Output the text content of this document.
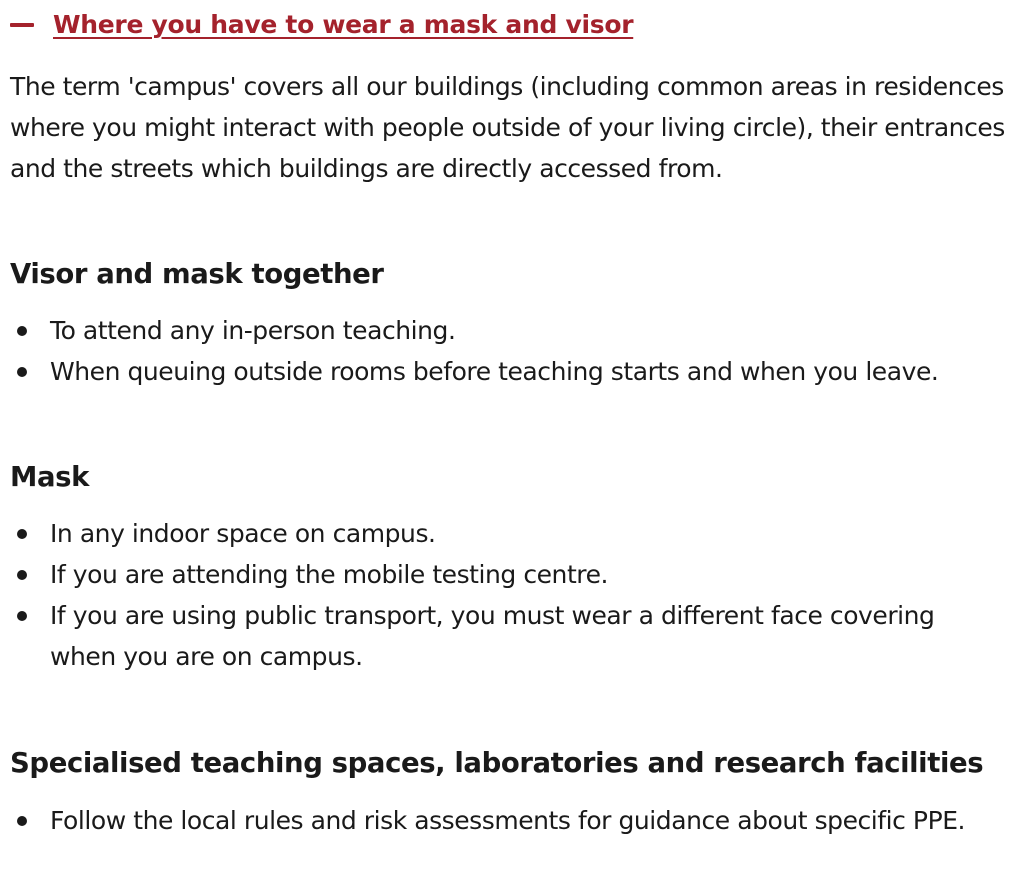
Where you have to wear a mask and visor

The term 'campus' covers all our buildings (including common areas in residences where you might interact with people outside of your living circle), their entrances and the streets which buildings are directly accessed from.

Visor and mask together
To attend any in-person teaching.
When queuing outside rooms before teaching starts and when you leave.
Mask
In any indoor space on campus.
If you are attending the mobile testing centre.
If you are using public transport, you must wear a different face covering when you are on campus.
Specialised teaching spaces, laboratories and research facilities
Follow the local rules and risk assessments for guidance about specific PPE.
